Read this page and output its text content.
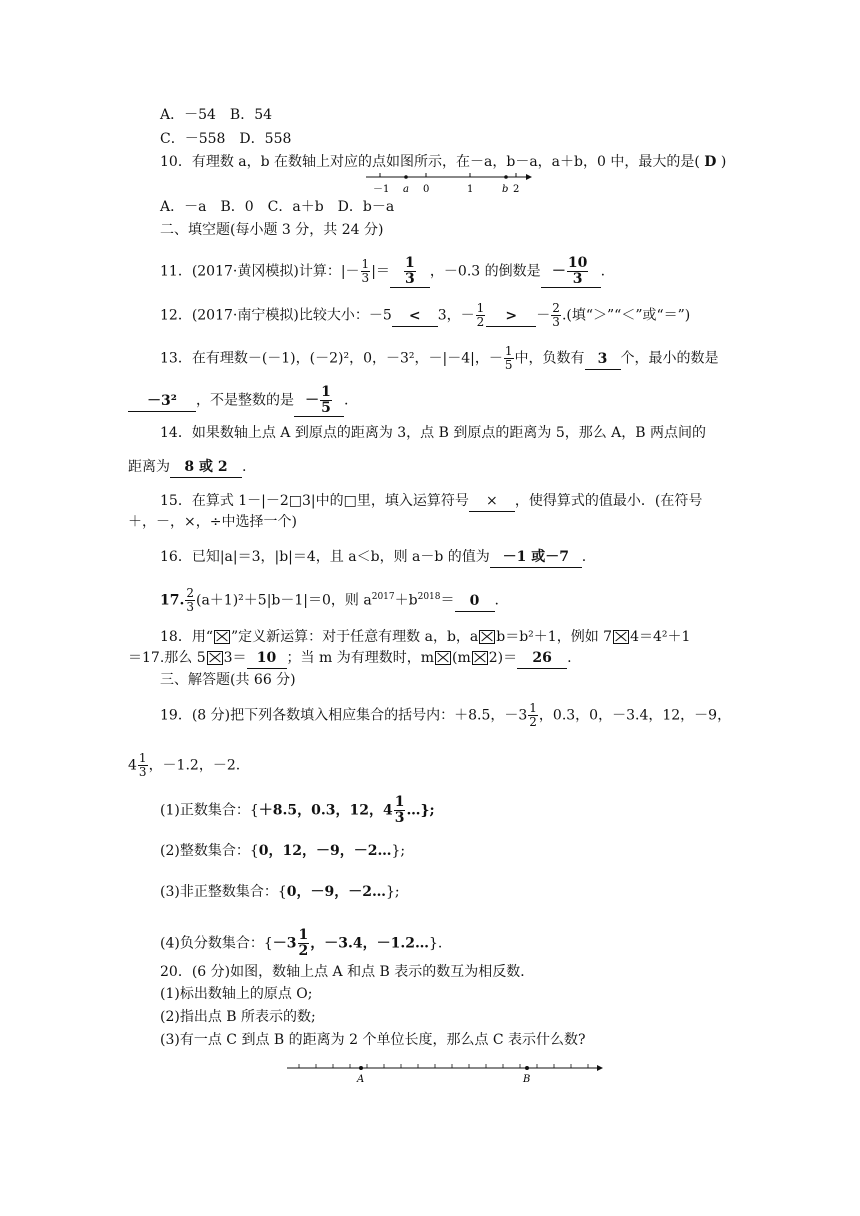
A．－54　B．54
C．－558　D．558
10．有理数 a，b 在数轴上对应的点如图所示，在－a，b－a，a＋b，0 中，最大的是( D )
－1 a 0	1	b 2
A．－a　B．0　C．a＋b　D．b－a
二、填空题(每小题 3 分，共 24 分)
11．(2017·黄冈模拟)计算：|－ $\frac{1}{3}$ |＝ $\frac{1}{3}$ ，－0.3 的倒数是 － $\frac{10}{3}$ .
12．(2017·南宁模拟)比较大小：－5 < 3，－ $\frac{1}{2}$ > － $\frac{2}{3}$ .(填“＞”“＜”或“＝”)
13．在有理数－(－1)，(－2)²，0，－3²，－|－4|，－ $\frac{1}{5}$ 中，负数有 3 个，最小的数是
－3² ，不是整数的是 － $\frac{1}{5}$ .
14．如果数轴上点 A 到原点的距离为 3，点 B 到原点的距离为 5，那么 A，B 两点间的
距离为 8 或 2 .
15．在算式 1－|－2□3|中的□里，填入运算符号 × ，使得算式的值最小．(在符号
＋，－，×，÷中选择一个)
16．已知|a|＝3，|b|＝4，且 a＜b，则 a－b 的值为 －1 或－7 .
17. $\frac{2}{3} (a+1)^2+5|b-1|=0$，则 $a^{2017}+b^{2018}= 0$ .
18．用“ ”定义新运算：对于任意有理数 a，b，a b＝b²＋1，例如 7 4＝4²＋1
＝17.那么 5 3＝ 10 ；当 m 为有理数时，m (m 2)＝ 26 .
三、解答题(共 66 分)
19．(8 分)把下列各数填入相应集合的括号内：＋8.5，$-3 \frac{1}{2}$ ，0.3，0，－3.4，12，－9，
$4 \frac{1}{3}$ ，－1.2，－2.
(1)正数集合：{＋8.5，0.3，12，$4 \frac{1}{3}$ …};
(2)整数集合：{0，12，－9，－2…};
(3)非正整数集合：{0，－9，－2…};
(4)负分数集合：{$-3 \frac{1}{2}$ ，－3.4，－1.2…}.
20．(6 分)如图，数轴上点 A 和点 B 表示的数互为相反数．
(1)标出数轴上的原点 O;
(2)指出点 B 所表示的数;
(3)有一点 C 到点 B 的距离为 2 个单位长度，那么点 C 表示什么数?
A	B
